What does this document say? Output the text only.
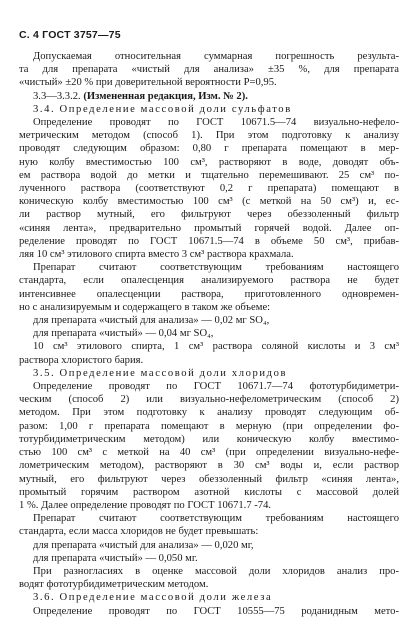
С. 4 ГОСТ 3757—75
Допускаемая относительная суммарная погрешность результа-
та для препарата «чистый для анализа» ±35 %, для препарата
«чистый» ±20 % при доверительной вероятности P=0,95.
3.3—3.3.2. (Измененная редакция, Изм. № 2).
3.4. Определение массовой доли сульфатов
Определение проводят по ГОСТ 10671.5—74 визуально-нефело-
метрическим методом (способ 1). При этом подготовку к анализу
проводят следующим образом: 0,80 г препарата помещают в мер-
ную колбу вместимостью 100 см³, растворяют в воде, доводят объ-
ем раствора водой до метки и тщательно перемешивают. 25 см³ по-
лученного раствора (соответствуют 0,2 г препарата) помещают в
коническую колбу вместимостью 100 см³ (с меткой на 50 см³) и, ес-
ли раствор мутный, его фильтруют через обеззоленный фильтр
«синяя лента», предварительно промытый горячей водой. Далее оп-
ределение проводят по ГОСТ 10671.5—74 в объеме 50 см³, прибав-
ляя 10 см³ этилового спирта вместо 3 см³ раствора крахмала.
Препарат считают соответствующим требованиям настоящего
стандарта, если опалесценция анализируемого раствора не будет
интенсивнее опалесценции раствора, приготовленного одновремен-
но с анализируемым и содержащего в таком же объеме:
для препарата «чистый для анализа» — 0,02 мг SO₄,
для препарата «чистый» — 0,04 мг SO₄,
10 см³ этилового спирта, 1 см³ раствора соляной кислоты и 3 см³
раствора хлористого бария.
3.5. Определение массовой доли хлоридов
Определение проводят по ГОСТ 10671.7—74 фототурбидиметри-
ческим (способ 2) или визуально-нефелометрическим (способ 2)
методом. При этом подготовку к анализу проводят следующим об-
разом: 1,00 г препарата помещают в мерную (при определении фо-
тотурбидиметрическим методом) или коническую колбу вместимо-
стью 100 см³ с меткой на 40 см³ (при определении визуально-нефе-
лометрическим методом), растворяют в 30 см³ воды и, если раствор
мутный, его фильтруют через обеззоленный фильтр «синяя лента»,
промытый горячим раствором азотной кислоты с массовой долей
1 %. Далее определение проводят по ГОСТ 10671.7 -74.
Препарат считают соответствующим требованиям настоящего
стандарта, если масса хлоридов не будет превышать:
для препарата «чистый для анализа» — 0,020 мг,
для препарата «чистый» — 0,050 мг.
При разногласиях в оценке массовой доли хлоридов анализ про-
водят фототурбидиметрическим методом.
3.6. Определение массовой доли железа
Определение проводят по ГОСТ 10555—75 роданидным мето-
